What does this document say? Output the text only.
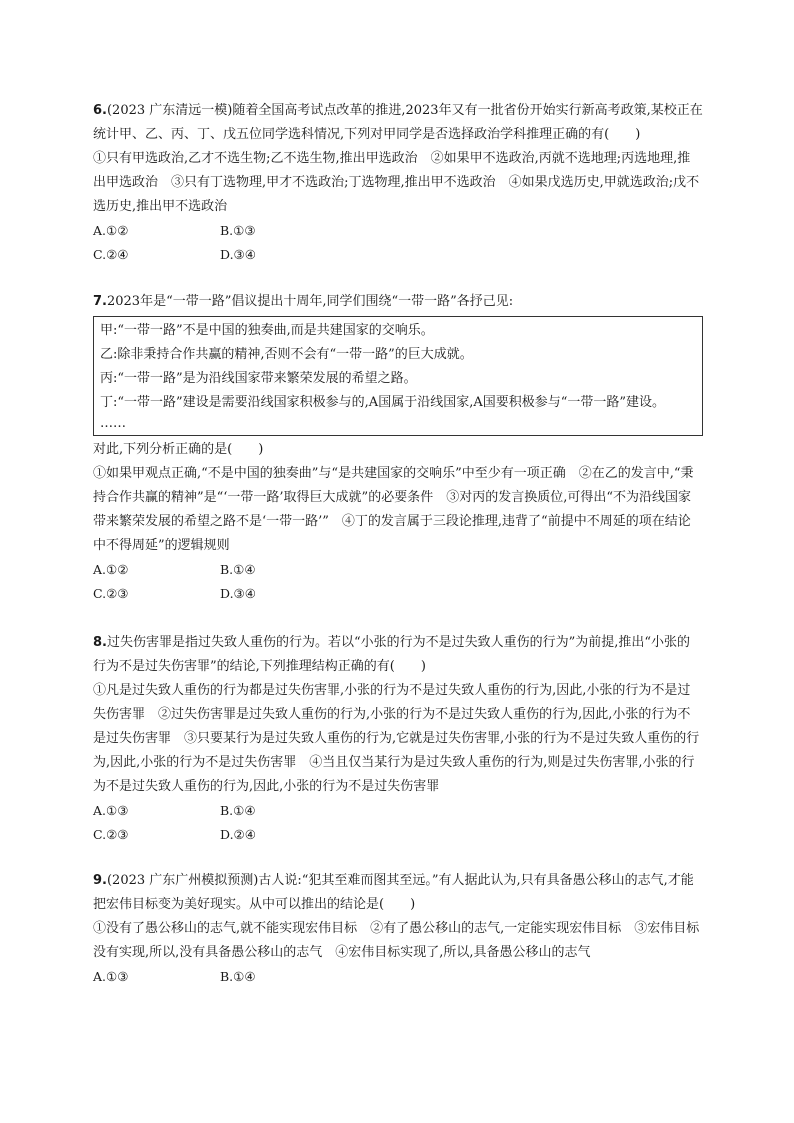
6.(2023 广东清远一模)随着全国高考试点改革的推进,2023年又有一批省份开始实行新高考政策,某校正在统计甲、乙、丙、丁、戊五位同学选科情况,下列对甲同学是否选择政治学科推理正确的有(　　)

①只有甲选政治,乙才不选生物;乙不选生物,推出甲选政治　②如果甲不选政治,丙就不选地理;丙选地理,推出甲选政治　③只有丁选物理,甲才不选政治;丁选物理,推出甲不选政治　④如果戊选历史,甲就选政治;戊不选历史,推出甲不选政治

A.①②	B.①③
C.②④	D.③④

7.2023年是“一带一路”倡议提出十周年,同学们围绕“一带一路”各抒己见:

甲:“一带一路”不是中国的独奏曲,而是共建国家的交响乐。
乙:除非秉持合作共赢的精神,否则不会有“一带一路”的巨大成就。
丙:“一带一路”是为沿线国家带来繁荣发展的希望之路。
丁:“一带一路”建设是需要沿线国家积极参与的,A国属于沿线国家,A国要积极参与“一带一路”建设。
……

对此,下列分析正确的是(　　)

①如果甲观点正确,“不是中国的独奏曲”与“是共建国家的交响乐”中至少有一项正确　②在乙的发言中,“秉持合作共赢的精神”是“‘一带一路’取得巨大成就”的必要条件　③对丙的发言换质位,可得出“不为沿线国家带来繁荣发展的希望之路不是‘一带一路’”　④丁的发言属于三段论推理,违背了“前提中不周延的项在结论中不得周延”的逻辑规则

A.①②	B.①④
C.②③	D.③④

8.过失伤害罪是指过失致人重伤的行为。若以“小张的行为不是过失致人重伤的行为”为前提,推出“小张的行为不是过失伤害罪”的结论,下列推理结构正确的有(　　)

①凡是过失致人重伤的行为都是过失伤害罪,小张的行为不是过失致人重伤的行为,因此,小张的行为不是过失伤害罪　②过失伤害罪是过失致人重伤的行为,小张的行为不是过失致人重伤的行为,因此,小张的行为不是过失伤害罪　③只要某行为是过失致人重伤的行为,它就是过失伤害罪,小张的行为不是过失致人重伤的行为,因此,小张的行为不是过失伤害罪　④当且仅当某行为是过失致人重伤的行为,则是过失伤害罪,小张的行为不是过失致人重伤的行为,因此,小张的行为不是过失伤害罪

A.①③	B.①④
C.②③	D.②④

9.(2023 广东广州模拟预测)古人说:“犯其至难而图其至远。”有人据此认为,只有具备愚公移山的志气,才能把宏伟目标变为美好现实。从中可以推出的结论是(　　)

①没有了愚公移山的志气,就不能实现宏伟目标　②有了愚公移山的志气,一定能实现宏伟目标　③宏伟目标没有实现,所以,没有具备愚公移山的志气　④宏伟目标实现了,所以,具备愚公移山的志气

A.①③	B.①④
